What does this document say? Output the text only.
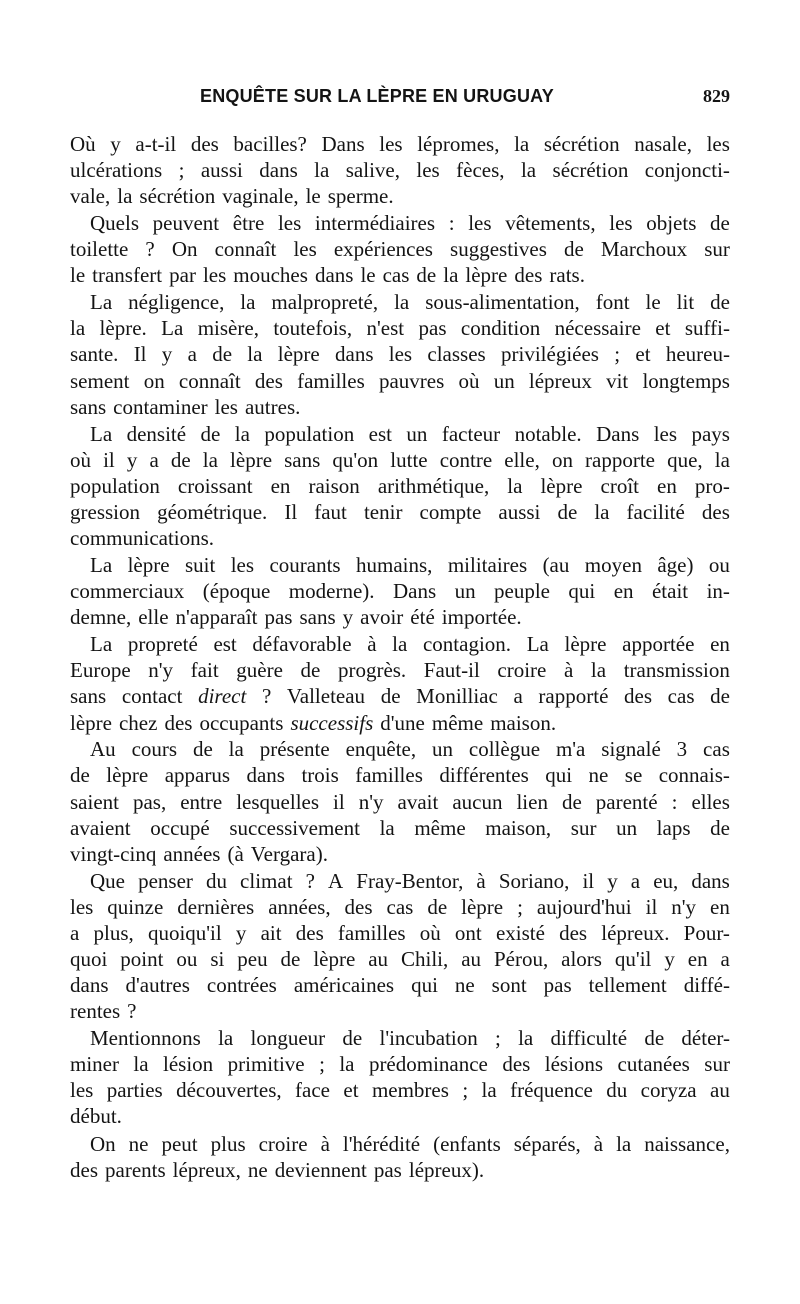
ENQUÊTE SUR LA LÈPRE EN URUGUAY	829
Où y a-t-il des bacilles? Dans les lépromes, la sécrétion nasale, les
ulcérations ; aussi dans la salive, les fèces, la sécrétion conjoncti-
vale, la sécrétion vaginale, le sperme.
Quels peuvent être les intermédiaires : les vêtements, les objets de
toilette ? On connaît les expériences suggestives de Marchoux sur
le transfert par les mouches dans le cas de la lèpre des rats.
La négligence, la malpropreté, la sous-alimentation, font le lit de
la lèpre. La misère, toutefois, n'est pas condition nécessaire et suffi-
sante. Il y a de la lèpre dans les classes privilégiées ; et heureu-
sement on connaît des familles pauvres où un lépreux vit longtemps
sans contaminer les autres.
La densité de la population est un facteur notable. Dans les pays
où il y a de la lèpre sans qu'on lutte contre elle, on rapporte que, la
population croissant en raison arithmétique, la lèpre croît en pro-
gression géométrique. Il faut tenir compte aussi de la facilité des
communications.
La lèpre suit les courants humains, militaires (au moyen âge) ou
commerciaux (époque moderne). Dans un peuple qui en était in-
demne, elle n'apparaît pas sans y avoir été importée.
La propreté est défavorable à la contagion. La lèpre apportée en
Europe n'y fait guère de progrès. Faut-il croire à la transmission
sans contact direct ? Valleteau de Monilliac a rapporté des cas de
lèpre chez des occupants successifs d'une même maison.
Au cours de la présente enquête, un collègue m'a signalé 3 cas
de lèpre apparus dans trois familles différentes qui ne se connais-
saient pas, entre lesquelles il n'y avait aucun lien de parenté : elles
avaient occupé successivement la même maison, sur un laps de
vingt-cinq années (à Vergara).
Que penser du climat ? A Fray-Bentor, à Soriano, il y a eu, dans
les quinze dernières années, des cas de lèpre ; aujourd'hui il n'y en
a plus, quoiqu'il y ait des familles où ont existé des lépreux. Pour-
quoi point ou si peu de lèpre au Chili, au Pérou, alors qu'il y en a
dans d'autres contrées américaines qui ne sont pas tellement diffé-
rentes ?
Mentionnons la longueur de l'incubation ; la difficulté de déter-
miner la lésion primitive ; la prédominance des lésions cutanées sur
les parties découvertes, face et membres ; la fréquence du coryza au
début.
On ne peut plus croire à l'hérédité (enfants séparés, à la naissance,
des parents lépreux, ne deviennent pas lépreux).
